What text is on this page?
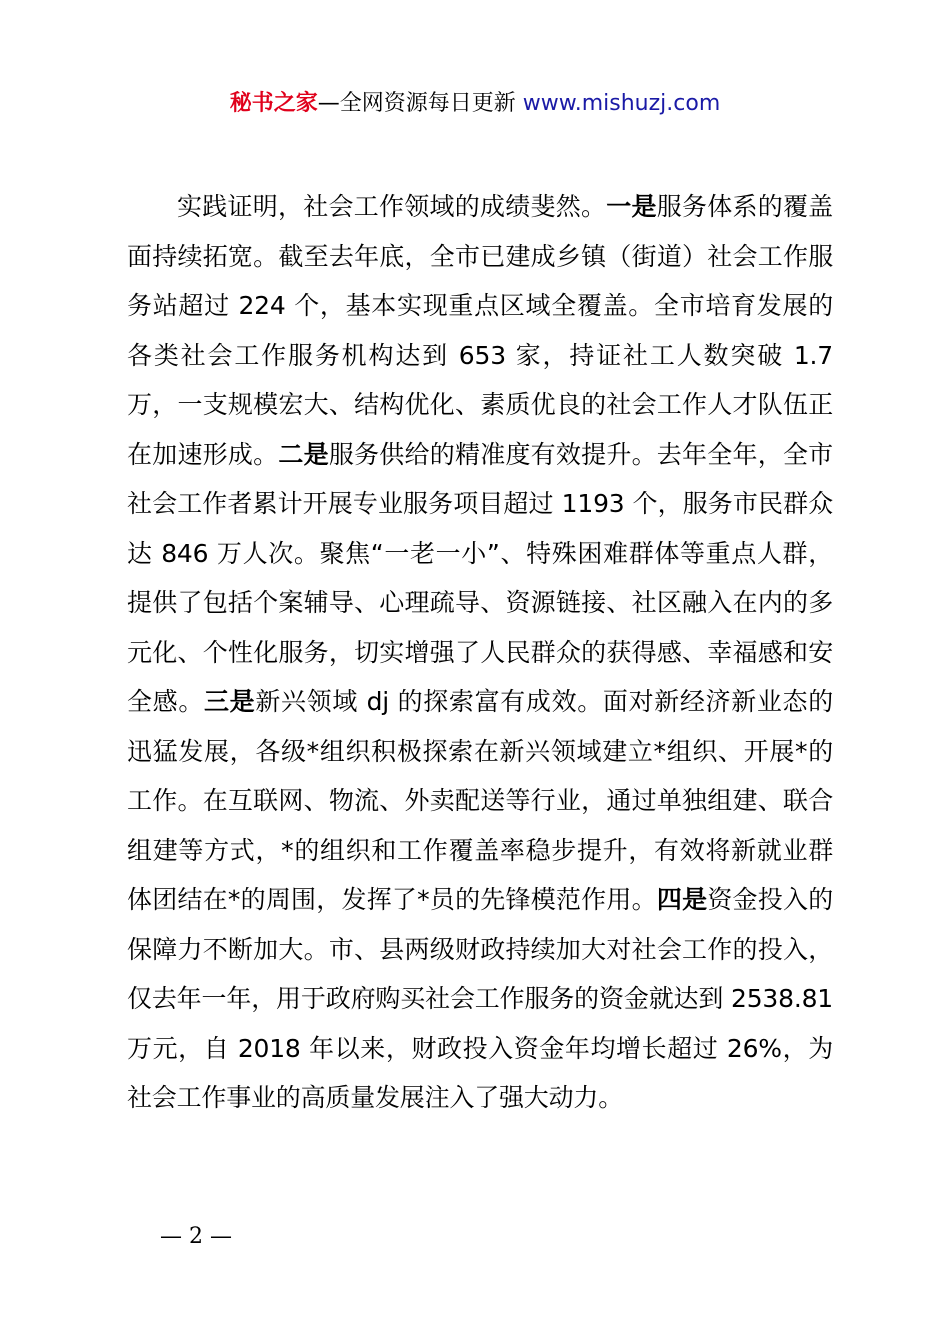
秘书之家—全网资源每日更新 www.mishuzj.com

实践证明，社会工作领域的成绩斐然。一是服务体系的覆盖面持续拓宽。截至去年底，全市已建成乡镇（街道）社会工作服务站超过 224 个，基本实现重点区域全覆盖。全市培育发展的各类社会工作服务机构达到 653 家，持证社工人数突破 1.7 万，一支规模宏大、结构优化、素质优良的社会工作人才队伍正在加速形成。二是服务供给的精准度有效提升。去年全年，全市社会工作者累计开展专业服务项目超过 1193 个，服务市民群众达 846 万人次。聚焦“一老一小”、特殊困难群体等重点人群，提供了包括个案辅导、心理疏导、资源链接、社区融入在内的多元化、个性化服务，切实增强了人民群众的获得感、幸福感和安全感。三是新兴领域 dj 的探索富有成效。面对新经济新业态的迅猛发展，各级*组织积极探索在新兴领域建立*组织、开展*的工作。在互联网、物流、外卖配送等行业，通过单独组建、联合组建等方式，*的组织和工作覆盖率稳步提升，有效将新就业群体团结在*的周围，发挥了*员的先锋模范作用。四是资金投入的保障力不断加大。市、县两级财政持续加大对社会工作的投入，仅去年一年，用于政府购买社会工作服务的资金就达到 2538.81 万元，自 2018 年以来，财政投入资金年均增长超过 26%，为社会工作事业的高质量发展注入了强大动力。

— 2 —
